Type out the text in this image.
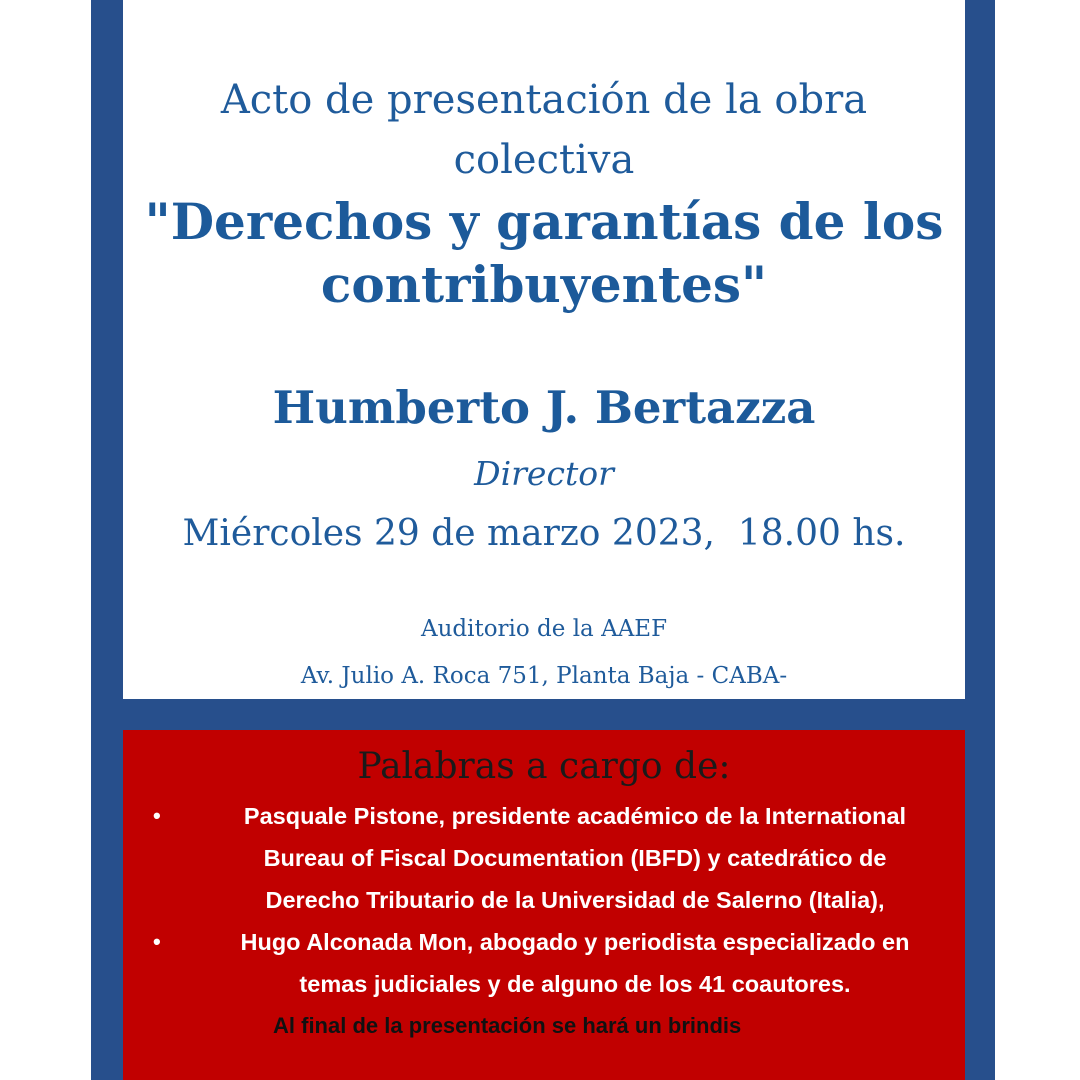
Acto de presentación de la obra
colectiva
"Derechos y garantías de los
contribuyentes"
Humberto J. Bertazza
Director
Miércoles 29 de marzo 2023,  18.00 hs.
Auditorio de la AAEF
Av. Julio A. Roca 751, Planta Baja - CABA-
Palabras a cargo de:
•	Pasquale Pistone, presidente académico de la International
Bureau of Fiscal Documentation (IBFD) y catedrático de
Derecho Tributario de la Universidad de Salerno (Italia),
•	Hugo Alconada Mon, abogado y periodista especializado en
temas judiciales y de alguno de los 41 coautores.
Al final de la presentación se hará un brindis
